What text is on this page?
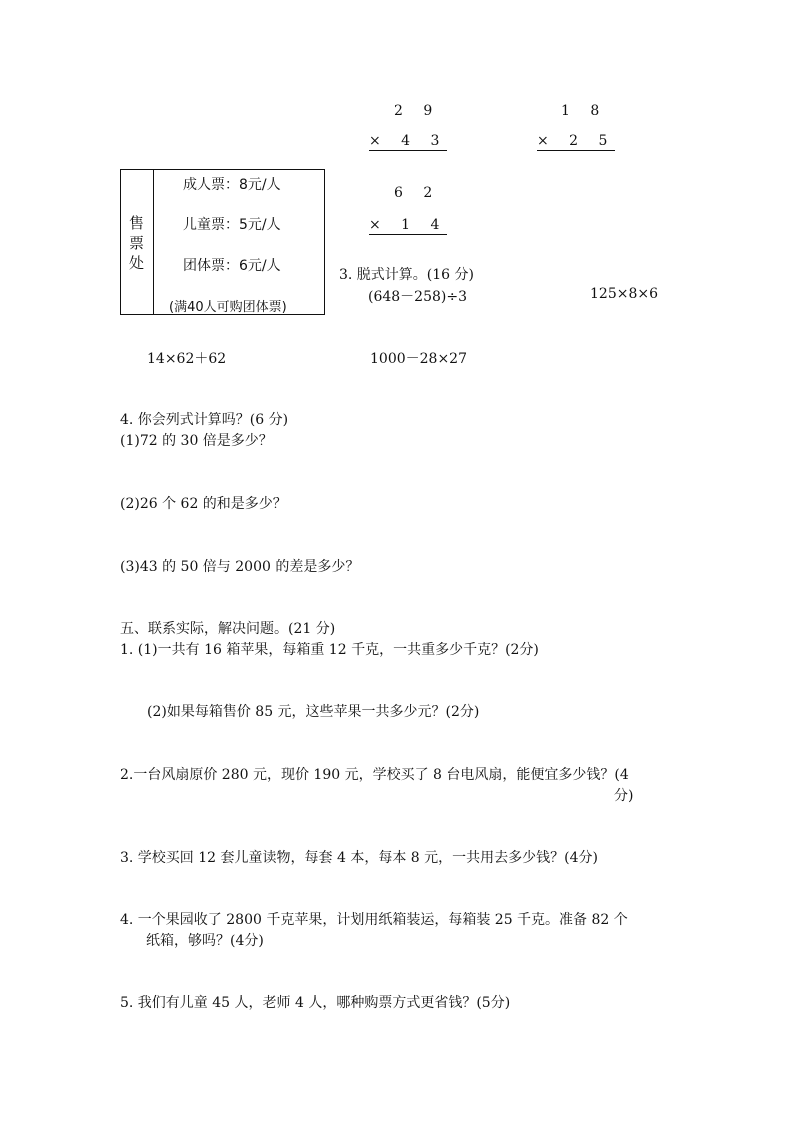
2 9
× 4 3
1 8
× 2 5
6 2
× 1 4
售
票
处
成人票：8元/人
儿童票：5元/人
团体票：6元/人
(满40人可购团体票)
3. 脱式计算。(16 分)
(648－258)÷3	125×8×6
14×62＋62	1000－28×27
4. 你会列式计算吗？(6 分)
(1)72 的 30 倍是多少？
(2)26 个 62 的和是多少？
(3)43 的 50 倍与 2000 的差是多少？
五、联系实际，解决问题。(21 分)
1. (1)一共有 16 箱苹果，每箱重 12 千克，一共重多少千克？(2分)
(2)如果每箱售价 85 元，这些苹果一共多少元？(2分)
2.一台风扇原价 280 元，现价 190 元，学校买了 8 台电风扇，能便宜多少钱？(4
分)
3. 学校买回 12 套儿童读物，每套 4 本，每本 8 元，一共用去多少钱？(4分)
4. 一个果园收了 2800 千克苹果，计划用纸箱装运，每箱装 25 千克。准备 82 个
纸箱，够吗？(4分)
5. 我们有儿童 45 人，老师 4 人，哪种购票方式更省钱？(5分)
